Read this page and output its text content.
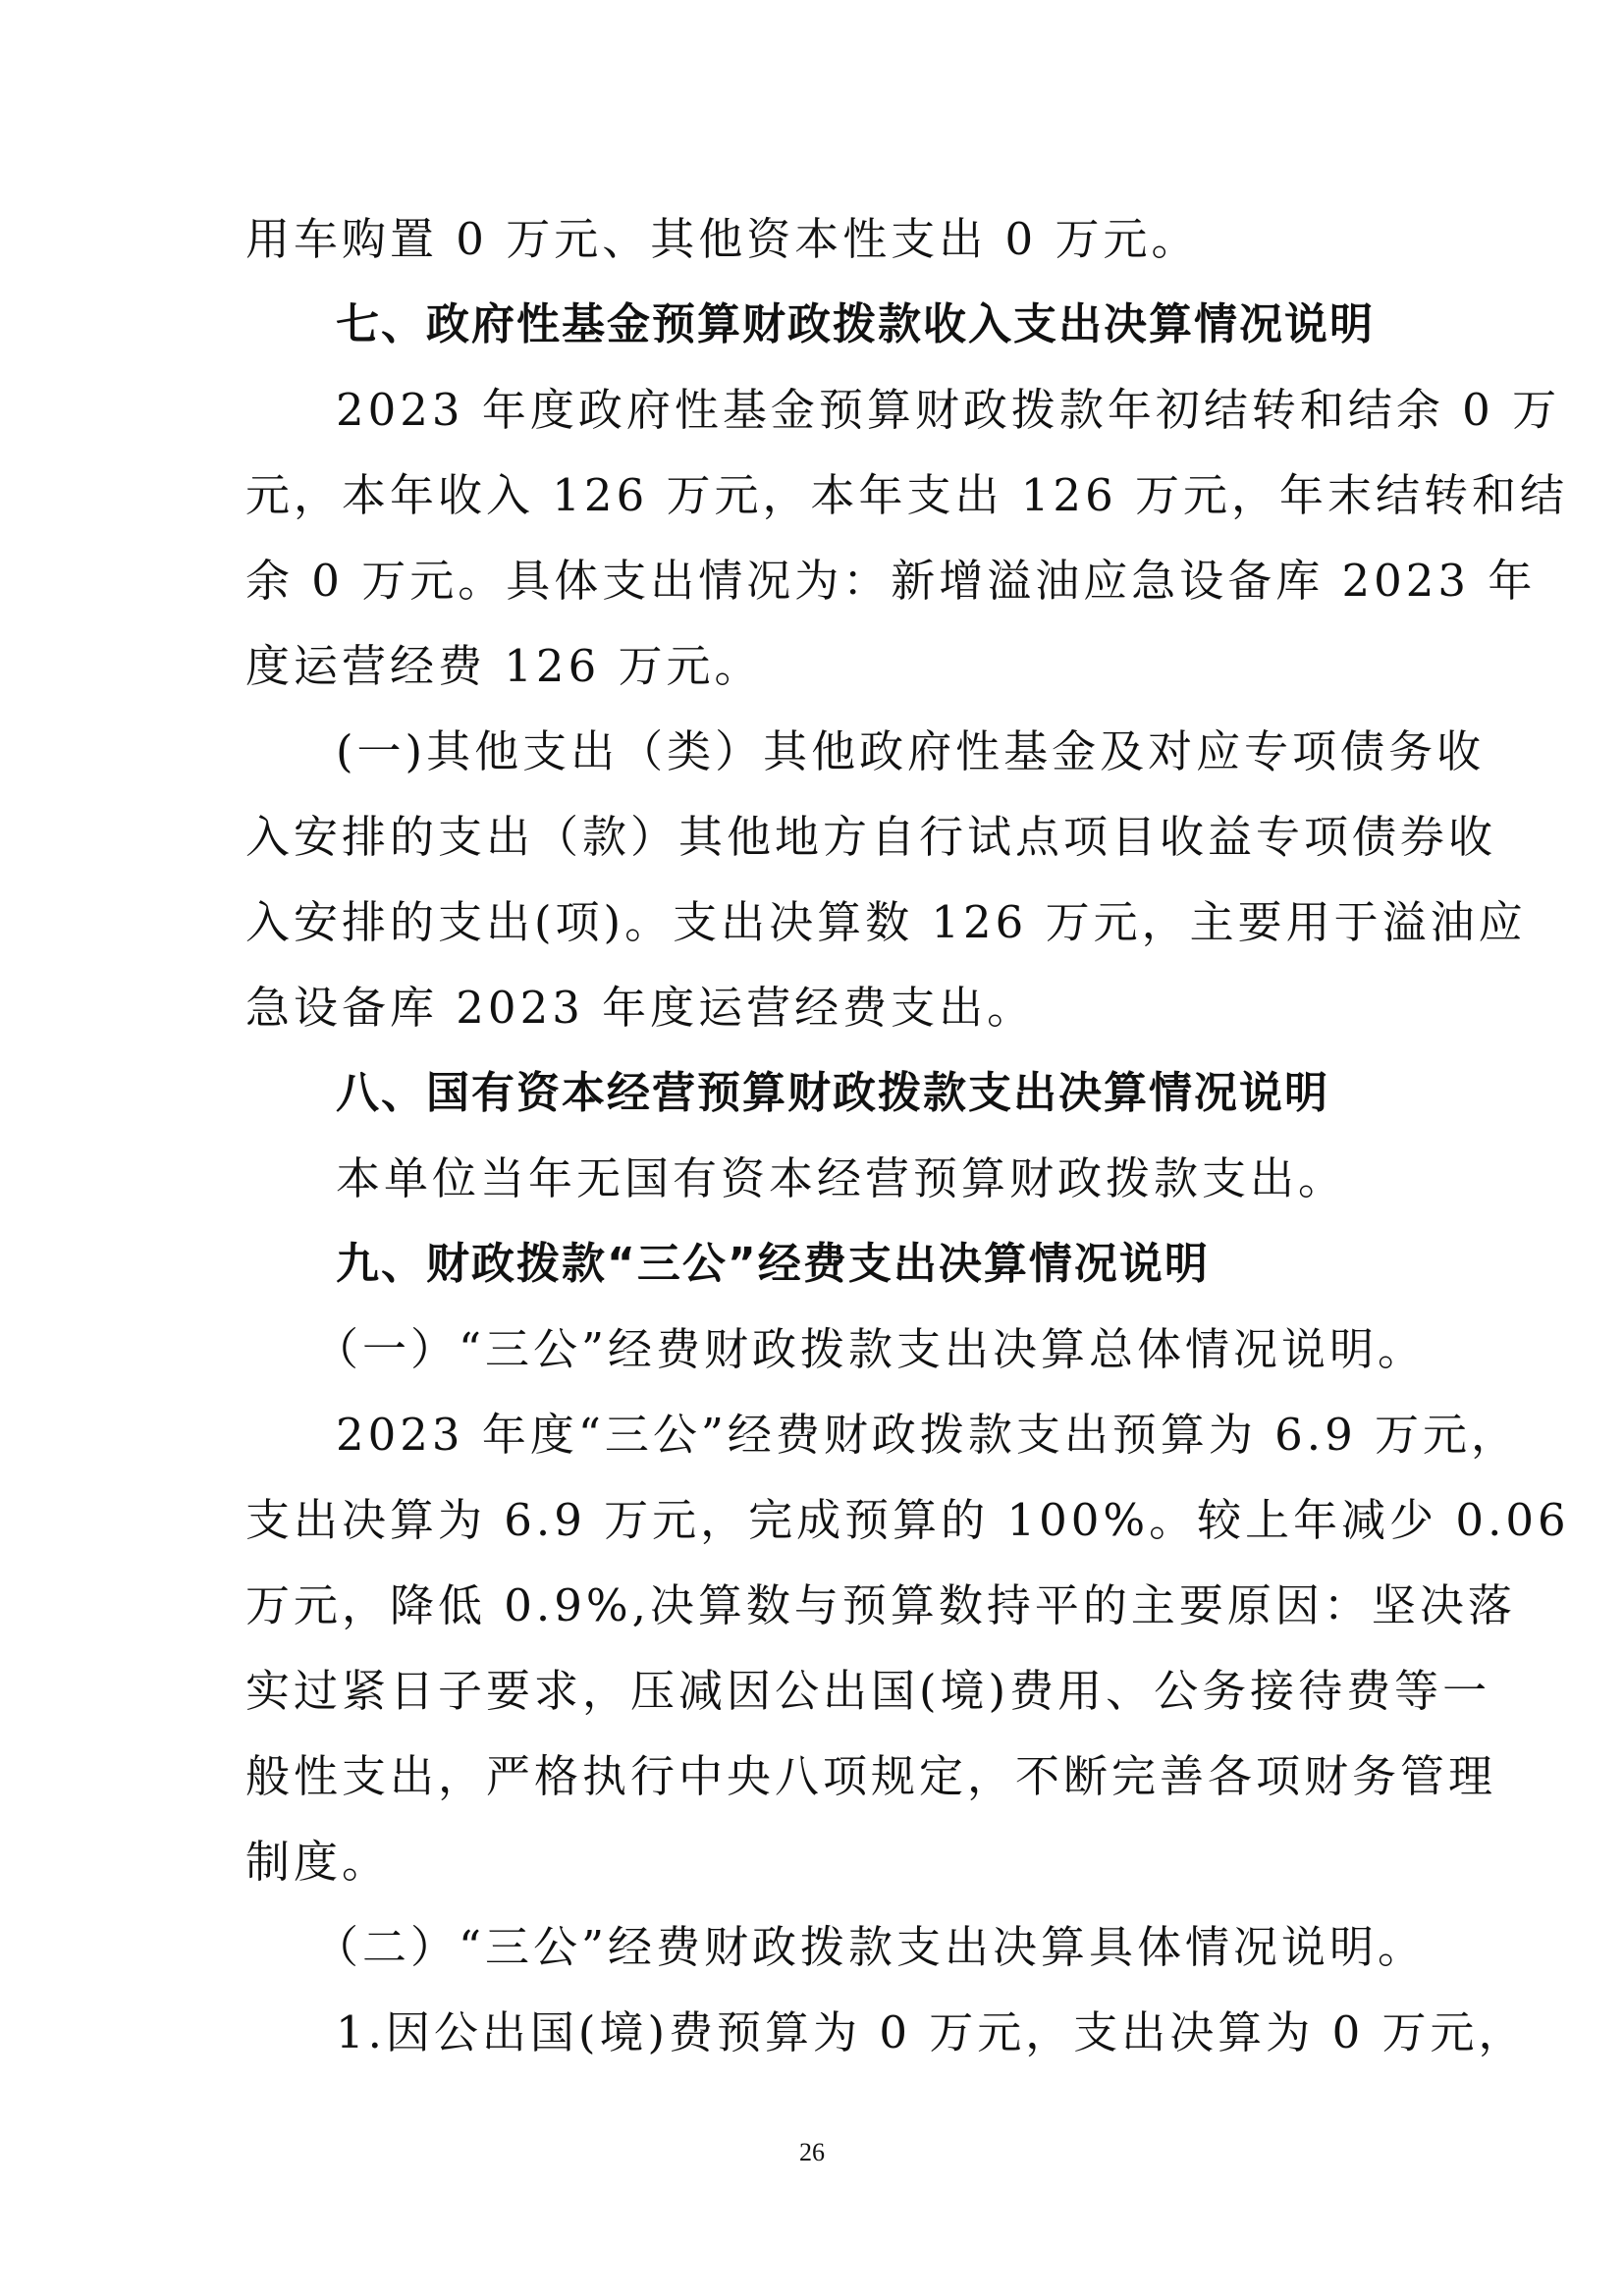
用车购置 0 万元、其他资本性支出 0 万元。

七、政府性基金预算财政拨款收入支出决算情况说明

2023 年度政府性基金预算财政拨款年初结转和结余 0 万

元，本年收入 126 万元，本年支出 126 万元，年末结转和结

余 0 万元。具体支出情况为：新增溢油应急设备库 2023 年

度运营经费 126 万元。

(一)其他支出（类）其他政府性基金及对应专项债务收

入安排的支出（款）其他地方自行试点项目收益专项债券收

入安排的支出(项)。支出决算数 126 万元，主要用于溢油应

急设备库 2023 年度运营经费支出。

八、国有资本经营预算财政拨款支出决算情况说明

本单位当年无国有资本经营预算财政拨款支出。

九、财政拨款“三公”经费支出决算情况说明

（一）“三公”经费财政拨款支出决算总体情况说明。

2023 年度“三公”经费财政拨款支出预算为 6.9 万元，

支出决算为 6.9 万元，完成预算的 100%。较上年减少 0.06

万元，降低 0.9%,决算数与预算数持平的主要原因：坚决落

实过紧日子要求，压减因公出国(境)费用、公务接待费等一

般性支出，严格执行中央八项规定，不断完善各项财务管理

制度。

（二）“三公”经费财政拨款支出决算具体情况说明。

1.因公出国(境)费预算为 0 万元，支出决算为 0 万元，

26
